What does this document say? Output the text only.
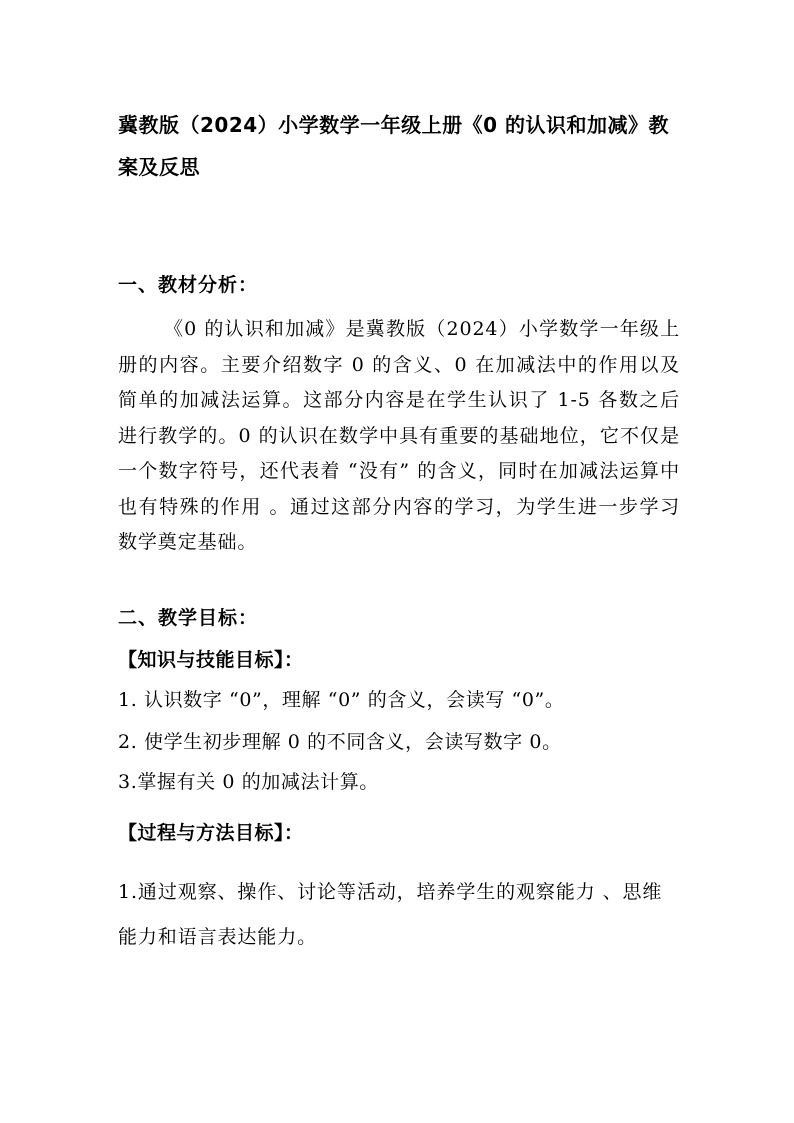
冀教版（2024）小学数学一年级上册《0 的认识和加减》教案及反思
一、教材分析：
《0 的认识和加减》是冀教版（2024）小学数学一年级上册的内容。主要介绍数字 0 的含义、0 在加减法中的作用以及简单的加减法运算。这部分内容是在学生认识了 1-5 各数之后进行教学的。0 的认识在数学中具有重要的基础地位，它不仅是一个数字符号，还代表着 “没有” 的含义，同时在加减法运算中也有特殊的作用 。通过这部分内容的学习，为学生进一步学习数学奠定基础。
二、教学目标：
【知识与技能目标】：
1. 认识数字 “0”，理解 “0” 的含义，会读写 “0”。
2. 使学生初步理解 0 的不同含义，会读写数字 0。
3.掌握有关 0 的加减法计算。
【过程与方法目标】：
1.通过观察、操作、讨论等活动，培养学生的观察能力 、思维能力和语言表达能力。
